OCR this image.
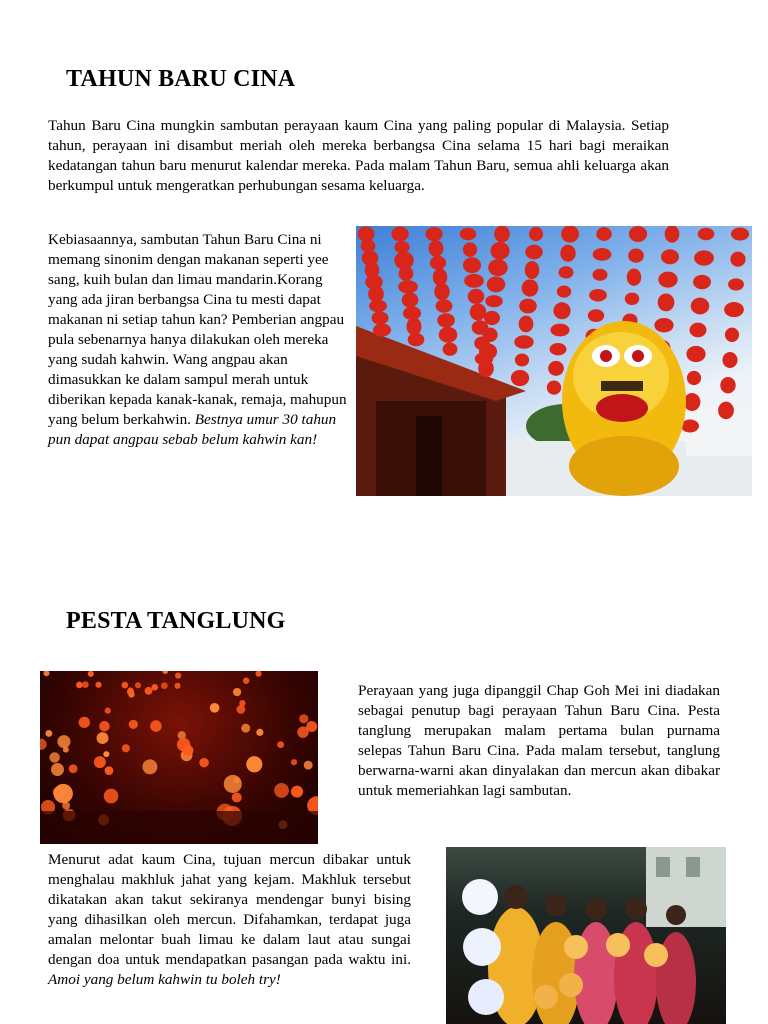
TAHUN BARU CINA

Tahun Baru Cina mungkin sambutan perayaan kaum Cina yang paling popular di Malaysia. Setiap tahun, perayaan ini disambut meriah oleh mereka berbangsa Cina selama 15 hari bagi meraikan kedatangan tahun baru menurut kalendar mereka. Pada malam Tahun Baru, semua ahli keluarga akan berkumpul untuk mengeratkan perhubungan sesama keluarga.

Kebiasaannya, sambutan Tahun Baru Cina ni memang sinonim dengan makanan seperti yee sang, kuih bulan dan limau mandarin.Korang yang ada jiran berbangsa Cina tu mesti dapat makanan ni setiap tahun kan? Pemberian angpau pula sebenarnya hanya dilakukan oleh mereka yang sudah kahwin. Wang angpau akan dimasukkan ke dalam sampul merah untuk diberikan kepada kanak-kanak, remaja, mahupun yang belum berkahwin. Bestnya umur 30 tahun pun dapat angpau sebab belum kahwin kan!

PESTA TANGLUNG

Perayaan yang juga dipanggil Chap Goh Mei ini diadakan sebagai penutup bagi perayaan Tahun Baru Cina. Pesta tanglung merupakan malam pertama bulan purnama selepas Tahun Baru Cina. Pada malam tersebut, tanglung berwarna-warni akan dinyalakan dan mercun akan dibakar untuk memeriahkan lagi sambutan.

Menurut adat kaum Cina, tujuan mercun dibakar untuk menghalau makhluk jahat yang kejam. Makhluk tersebut dikatakan akan takut sekiranya mendengar bunyi bising yang dihasilkan oleh mercun. Difahamkan, terdapat juga amalan melontar buah limau ke dalam laut atau sungai dengan doa untuk mendapatkan pasangan pada waktu ini. Amoi yang belum kahwin tu boleh try!
